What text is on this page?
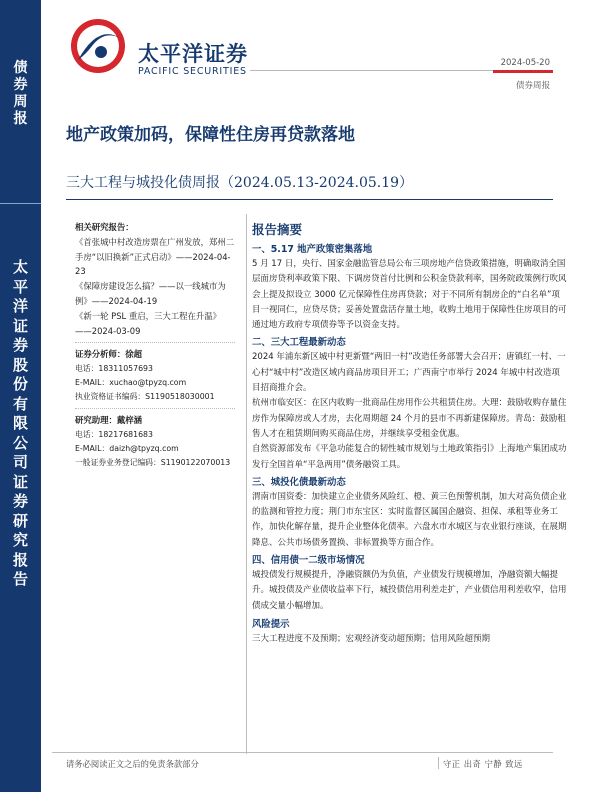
债
券
周
报
太
平
洋
证
券
股
份
有
限
公
司
证
券
研
究
报
告
太平洋证券
PACIFIC SECURITIES
2024-05-20
债券周报
地产政策加码，保障性住房再贷款落地
三大工程与城投化债周报（2024.05.13-2024.05.19）
相关研究报告：
《首张城中村改造房票在广州发放，郑州二手房“以旧换新”正式启动》——2024-04-23
《保障房建设怎么搞？——以一线城市为例》——2024-04-19
《新一轮 PSL 重启，三大工程在升温》——2024-03-09
证券分析师：徐超
电话：18311057693
E-MAIL：xuchao@tpyzq.com
执业资格证书编码：S1190518030001
研究助理：戴梓涵
电话：18217681683
E-MAIL：daizh@tpyzq.com
一般证券业务登记编码：S1190122070013
报告摘要
一、5.17 地产政策密集落地
5 月 17 日，央行、国家金融监管总局公布三项房地产信贷政策措施，明确取消全国层面房贷利率政策下限、下调房贷首付比例和公积金贷款利率，国务院政策例行吹风会上提及拟设立 3000 亿元保障性住房再贷款；对于不同所有制房企的“白名单”项目一视同仁，应贷尽贷；妥善处置盘活存量土地，收购土地用于保障性住房项目的可通过地方政府专项债券等予以资金支持。
二、三大工程最新动态
2024 年浦东新区城中村更新暨“两旧一村”改造任务部署大会召开；唐镇红一村、一心村“城中村”改造区域内商品房项目开工；广西南宁市举行 2024 年城中村改造项目招商推介会。
杭州市临安区：在区内收购一批商品住房用作公共租赁住房。大理：鼓励收购存量住房作为保障房或人才房，去化周期超 24 个月的县市不再新建保障房。青岛：鼓励租售人才在租赁期间购买商品住房，并继续享受租金优惠。
自然资源部发布《平急功能复合的韧性城市规划与土地政策指引》上海地产集团成功发行全国首单“平急两用”债务融资工具。
三、城投化债最新动态
渭南市国资委：加快建立企业债务风险红、橙、黄三色预警机制，加大对高负债企业的监测和管控力度；荆门市东宝区：实时监督区属国企融资、担保、承租等业务工作，加快化解存量，提升企业整体化债率。六盘水市水城区与农业银行座谈，在展期降息、公共市场债务置换、非标置换等方面合作。
四、信用债一二级市场情况
城投债发行规模提升，净融资额仍为负值，产业债发行规模增加，净融资额大幅提升。城投债及产业债收益率下行，城投债信用利差走扩，产业债信用利差收窄，信用债成交量小幅增加。
风险提示
三大工程进度不及预期；宏观经济变动超预期；信用风险超预期
请务必阅读正文之后的免责条款部分	守正 出奇 宁静 致远
